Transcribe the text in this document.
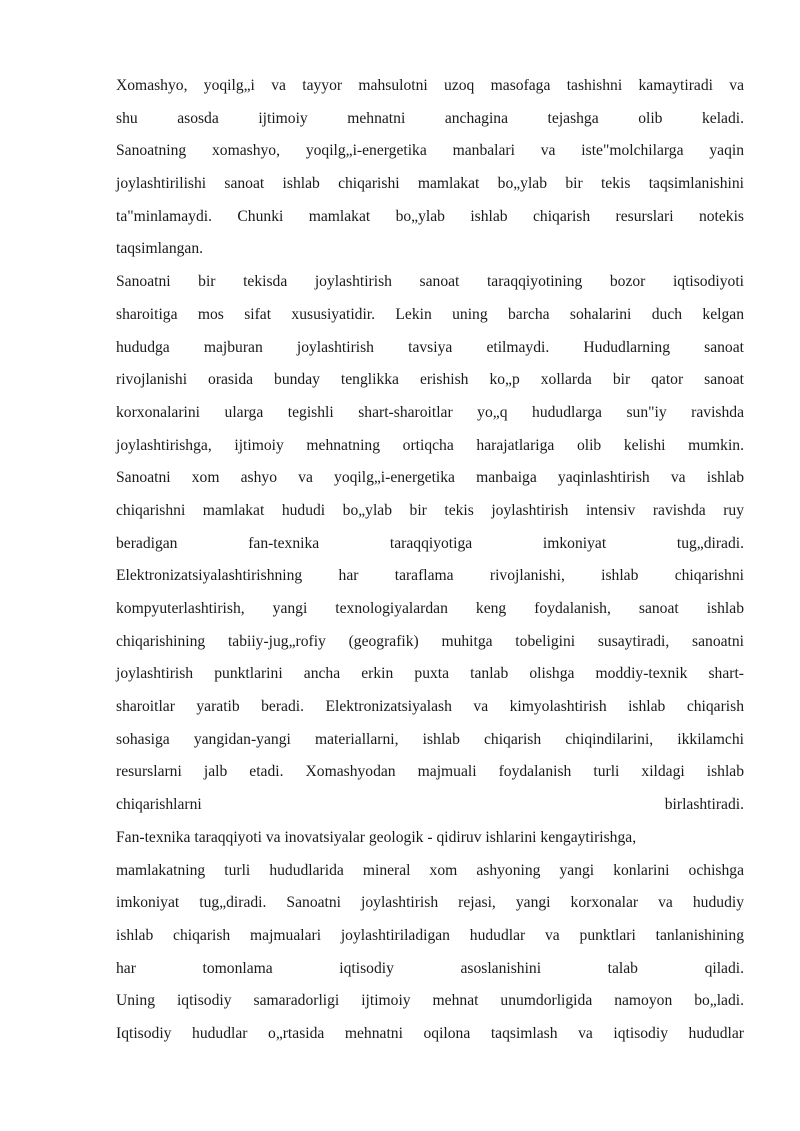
Xomashyo, yoqilg„i va tayyor mahsulotni uzoq masofaga tashishni kamaytiradi va
shu asosda ijtimoiy mehnatni anchagina tejashga olib keladi.
Sanoatning xomashyo, yoqilg„i-energetika manbalari va iste"molchilarga yaqin
joylashtirilishi sanoat ishlab chiqarishi mamlakat bo„ylab bir tekis taqsimlanishini
ta"minlamaydi. Chunki mamlakat bo„ylab ishlab chiqarish resurslari notekis
taqsimlangan.
Sanoatni bir tekisda joylashtirish sanoat taraqqiyotining bozor iqtisodiyoti
sharoitiga mos sifat xususiyatidir. Lekin uning barcha sohalarini duch kelgan
hududga majburan joylashtirish tavsiya etilmaydi. Hududlarning sanoat
rivojlanishi orasida bunday tenglikka erishish ko„p xollarda bir qator sanoat
korxonalarini ularga tegishli shart-sharoitlar yo„q hududlarga sun"iy ravishda
joylashtirishga, ijtimoiy mehnatning ortiqcha harajatlariga olib kelishi mumkin.
Sanoatni xom ashyo va yoqilg„i-energetika manbaiga yaqinlashtirish va ishlab
chiqarishni mamlakat hududi bo„ylab bir tekis joylashtirish intensiv ravishda ruy
beradigan fan-texnika taraqqiyotiga imkoniyat tug„diradi.
Elektronizatsiyalashtirishning har taraflama rivojlanishi, ishlab chiqarishni
kompyuterlashtirish, yangi texnologiyalardan keng foydalanish, sanoat ishlab
chiqarishining tabiiy-jug„rofiy (geografik) muhitga tobeligini susaytiradi, sanoatni
joylashtirish punktlarini ancha erkin puxta tanlab olishga moddiy-texnik shart-
sharoitlar yaratib beradi. Elektronizatsiyalash va kimyolashtirish ishlab chiqarish
sohasiga yangidan-yangi materiallarni, ishlab chiqarish chiqindilarini, ikkilamchi
resurslarni jalb etadi. Xomashyodan majmuali foydalanish turli xildagi ishlab
chiqarishlarni birlashtiradi.
Fan-texnika taraqqiyoti va inovatsiyalar geologik - qidiruv ishlarini kengaytirishga,
mamlakatning turli hududlarida mineral xom ashyoning yangi konlarini ochishga
imkoniyat tug„diradi. Sanoatni joylashtirish rejasi, yangi korxonalar va hududiy
ishlab chiqarish majmualari joylashtiriladigan hududlar va punktlari tanlanishining
har tomonlama iqtisodiy asoslanishini talab qiladi.
Uning iqtisodiy samaradorligi ijtimoiy mehnat unumdorligida namoyon bo„ladi.
Iqtisodiy hududlar o„rtasida mehnatni oqilona taqsimlash va iqtisodiy hududlar
